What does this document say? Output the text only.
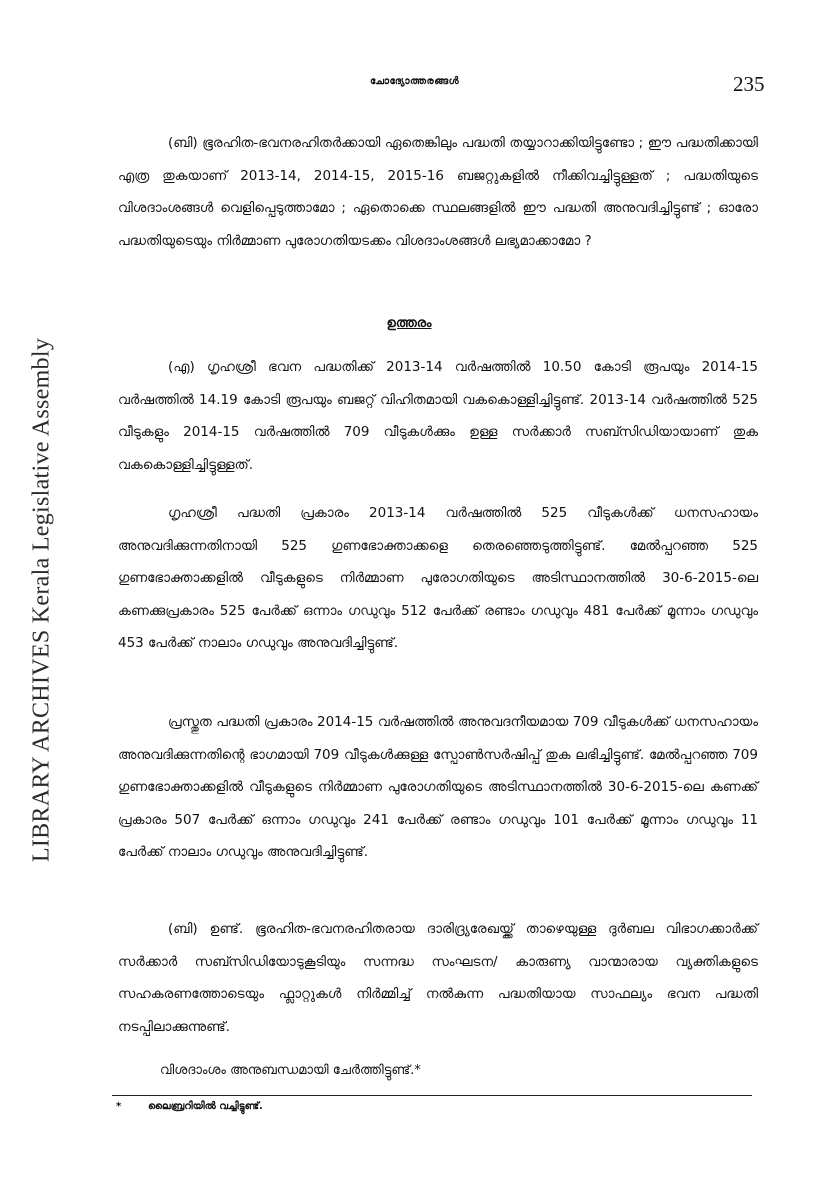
LIBRARY ARCHIVES Kerala Legislative Assembly
ചോദ്യോത്തരങ്ങൾ	235

(ബി) ഭൂരഹിത-ഭവനരഹിതർക്കായി ഏതെങ്കിലും പദ്ധതി തയ്യാറാക്കിയിട്ടുണ്ടോ ; ഈ പദ്ധതിക്കായി എത്ര തുകയാണ് 2013-14, 2014-15, 2015-16 ബജറ്റുകളിൽ നീക്കിവച്ചിട്ടുള്ളത് ; പദ്ധതിയുടെ വിശദാംശങ്ങൾ വെളിപ്പെടുത്താമോ ; ഏതൊക്കെ സ്ഥലങ്ങളിൽ ഈ പദ്ധതി അനുവദിച്ചിട്ടുണ്ട് ; ഓരോ പദ്ധതിയുടെയും നിർമ്മാണ പുരോഗതിയടക്കം വിശദാംശങ്ങൾ ലഭ്യമാക്കാമോ ?

ഉത്തരം

(എ) ഗൃഹശ്രീ ഭവന പദ്ധതിക്ക് 2013-14 വർഷത്തിൽ 10.50 കോടി രൂപയും 2014-15 വർഷത്തിൽ 14.19 കോടി രൂപയും ബജറ്റ് വിഹിതമായി വകകൊള്ളിച്ചിട്ടുണ്ട്. 2013-14 വർഷത്തിൽ 525 വീടുകളും 2014-15 വർഷത്തിൽ 709 വീടുകൾക്കും ഉള്ള സർക്കാർ സബ്സിഡിയായാണ് തുക വകകൊള്ളിച്ചിട്ടുള്ളത്.

ഗൃഹശ്രീ പദ്ധതി പ്രകാരം 2013-14 വർഷത്തിൽ 525 വീടുകൾക്ക് ധനസഹായം അനുവദിക്കുന്നതിനായി 525 ഗുണഭോക്താക്കളെ തെരഞ്ഞെടുത്തിട്ടുണ്ട്. മേൽപ്പറഞ്ഞ 525 ഗുണഭോക്താക്കളിൽ വീടുകളുടെ നിർമ്മാണ പുരോഗതിയുടെ അടിസ്ഥാനത്തിൽ 30-6-2015-ലെ കണക്കുപ്രകാരം 525 പേർക്ക് ഒന്നാം ഗഡുവും 512 പേർക്ക് രണ്ടാം ഗഡുവും 481 പേർക്ക് മൂന്നാം ഗഡുവും 453 പേർക്ക് നാലാം ഗഡുവും അനുവദിച്ചിട്ടുണ്ട്.

പ്രസ്തുത പദ്ധതി പ്രകാരം 2014-15 വർഷത്തിൽ അനുവദനീയമായ 709 വീടുകൾക്ക് ധനസഹായം അനുവദിക്കുന്നതിന്റെ ഭാഗമായി 709 വീടുകൾക്കുള്ള സ്പോൺസർഷിപ്പ് തുക ലഭിച്ചിട്ടുണ്ട്. മേൽപ്പറഞ്ഞ 709 ഗുണഭോക്താക്കളിൽ വീടുകളുടെ നിർമ്മാണ പുരോഗതിയുടെ അടിസ്ഥാനത്തിൽ 30-6-2015-ലെ കണക്ക് പ്രകാരം 507 പേർക്ക് ഒന്നാം ഗഡുവും 241 പേർക്ക് രണ്ടാം ഗഡുവും 101 പേർക്ക് മൂന്നാം ഗഡുവും 11 പേർക്ക് നാലാം ഗഡുവും അനുവദിച്ചിട്ടുണ്ട്.

(ബി) ഉണ്ട്. ഭൂരഹിത-ഭവനരഹിതരായ ദാരിദ്ര്യരേഖയ്ക്ക് താഴെയുള്ള ദുർബല വിഭാഗക്കാർക്ക് സർക്കാർ സബ്സിഡിയോടുകൂടിയും സന്നദ്ധ സംഘടന/ കാരുണ്യ വാന്മാരായ വ്യക്തികളുടെ സഹകരണത്തോടെയും ഫ്ലാറ്റുകൾ നിർമ്മിച്ച് നൽകുന്ന പദ്ധതിയായ സാഫല്യം ഭവന പദ്ധതി നടപ്പിലാക്കുന്നുണ്ട്.

വിശദാംശം അനുബന്ധമായി ചേർത്തിട്ടുണ്ട്.*
*	ലൈബ്രറിയിൽ വച്ചിട്ടുണ്ട്.
